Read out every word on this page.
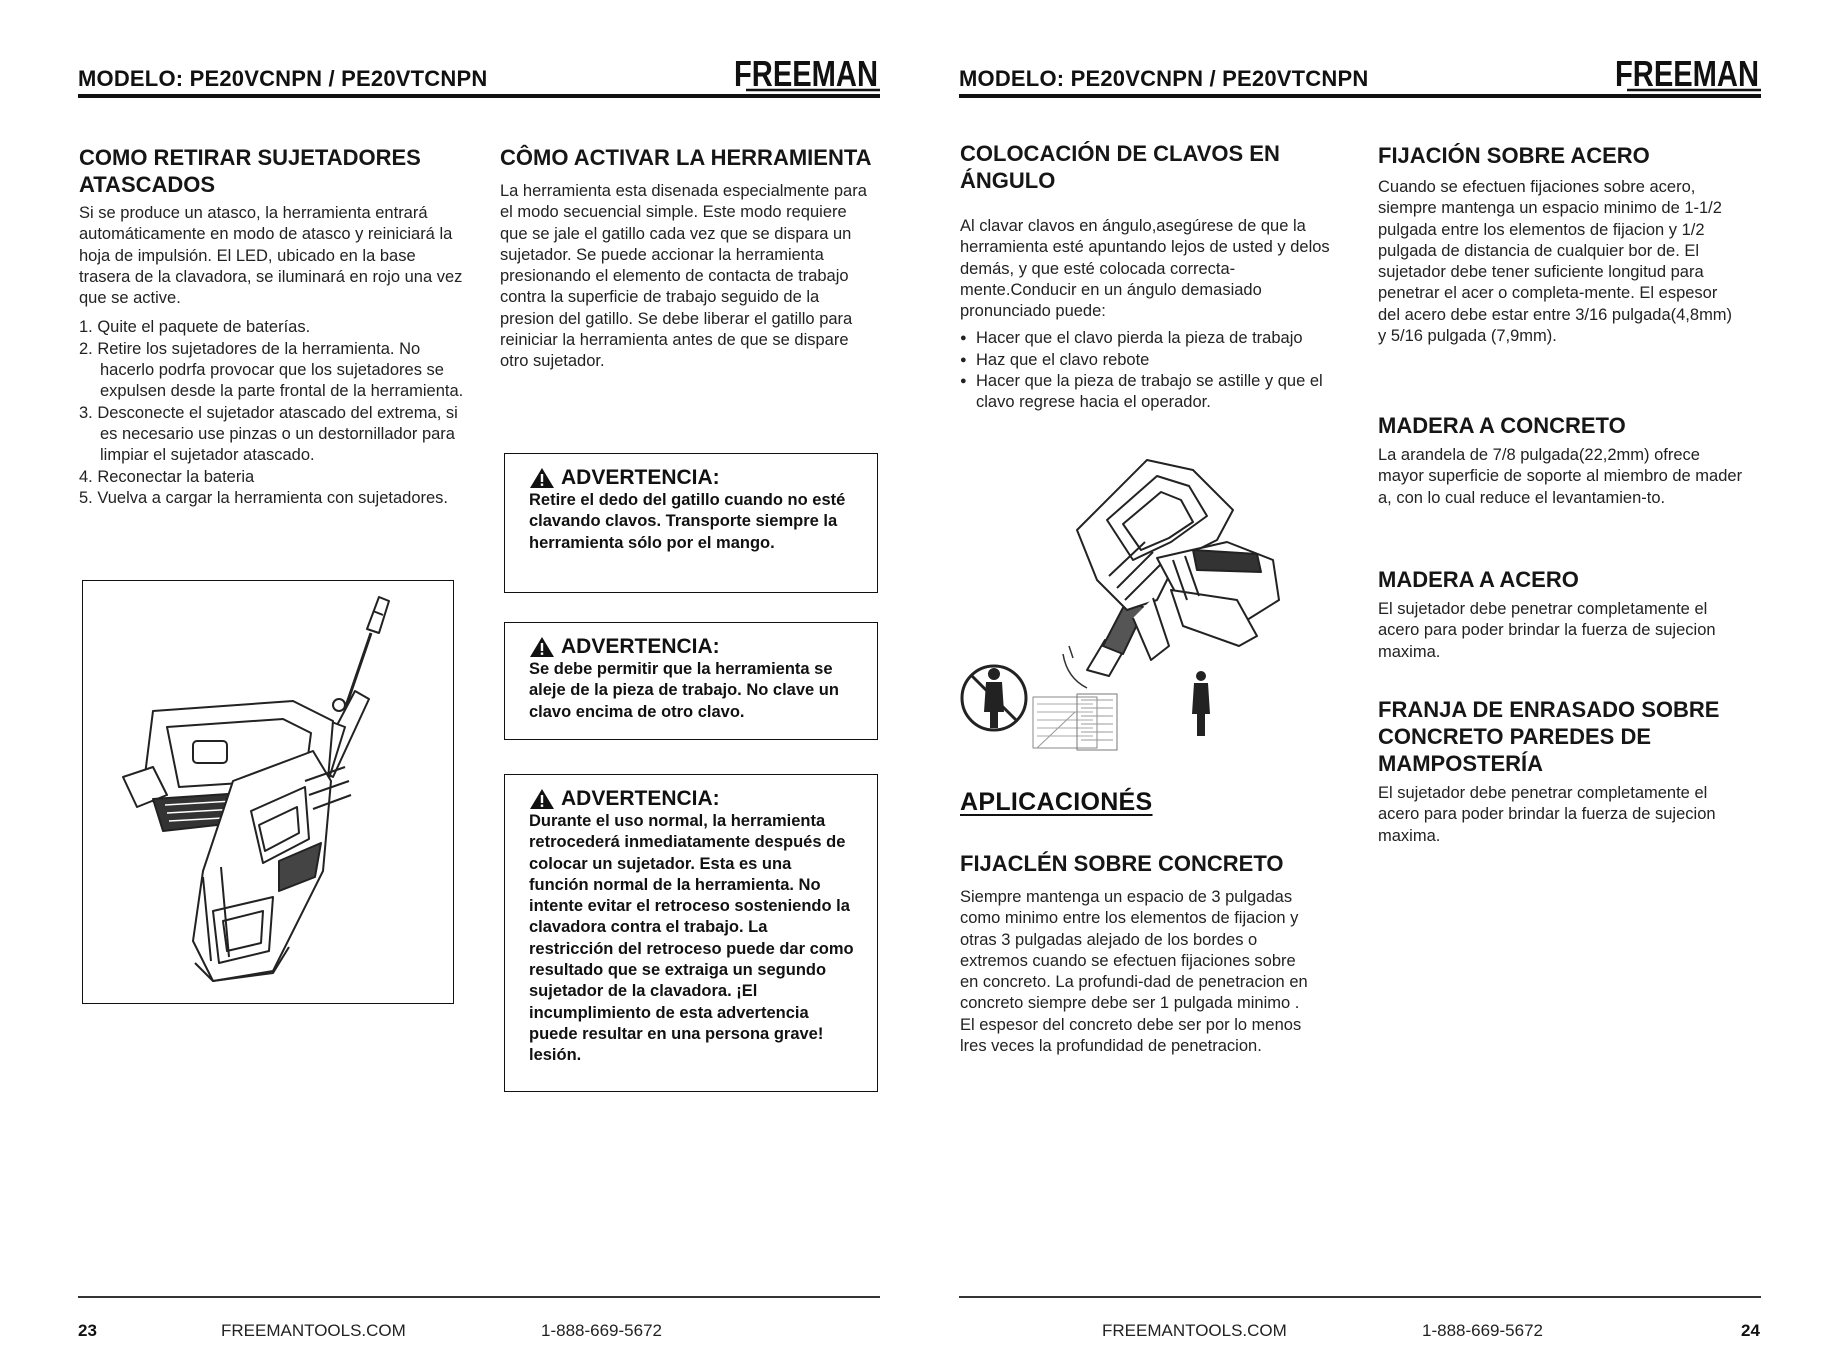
MODELO: PE20VCNPN / PE20VTCNPN	FREEMAN
COMO RETIRAR SUJETADORES ATASCADOS

Si se produce un atasco, la herramienta entrará automáticamente en modo de atasco y reiniciará la hoja de impulsión. El LED, ubicado en la base trasera de la clavadora, se iluminará en rojo una vez que se active.

1. Quite el paquete de baterías.
2. Retire los sujetadores de la herramienta. No hacerlo podrfa provocar que los sujetadores se expulsen desde la parte frontal de la herramienta.
3. Desconecte el sujetador atascado del extrema, si es necesario use pinzas o un destornillador para limpiar el sujetador atascado.
4. Reconectar la bateria
5. Vuelva a cargar la herramienta con sujetadores.
CÔMO ACTIVAR LA HERRAMIENTA

La herramienta esta disenada especialmente para el modo secuencial simple. Este modo requiere que se jale el gatillo cada vez que se dispara un sujetador. Se puede accionar la herramienta presionando el elemento de contacta de trabajo contra la superficie de trabajo seguido de la presion del gatillo. Se debe liberar el gatillo para reiniciar la herramienta antes de que se dispare otro sujetador.

ADVERTENCIA:
Retire el dedo del gatillo cuando no esté clavando clavos. Transporte siempre la herramienta sólo por el mango.
ADVERTENCIA:
Se debe permitir que la herramienta se aleje de la pieza de trabajo. No clave un clavo encima de otro clavo.
ADVERTENCIA:
Durante el uso normal, la herramienta retrocederá inmediatamente después de colocar un sujetador. Esta es una función normal de la herramienta. No intente evitar el retroceso sosteniendo la clavadora contra el trabajo. La restricción del retroceso puede dar como resultado que se extraiga un segundo sujetador de la clavadora. ¡El incumplimiento de esta advertencia puede resultar en una persona grave! lesión.
23	FREEMANTOOLS.COM	1-888-669-5672
MODELO: PE20VCNPN / PE20VTCNPN	FREEMAN
COLOCACIÓN DE CLAVOS EN ÁNGULO

Al clavar clavos en ángulo,asegúrese de que la herramienta esté apuntando lejos de usted y delos demás, y que esté colocada correcta-mente.Conducir en un ángulo demasiado pronunciado puede:

● Hacer que el clavo pierda la pieza de trabajo
● Haz que el clavo rebote
● Hacer que la pieza de trabajo se astille y que el clavo regrese hacia el operador.
APLICACIONÉS
FIJACLÉN SOBRE CONCRETO

Siempre mantenga un espacio de 3 pulgadas como minimo entre los elementos de fijacion y otras 3 pulgadas alejado de los bordes o extremos cuando se efectuen fijaciones sobre en concreto. La profundi-dad de penetracion en concreto siempre debe ser 1 pulgada minimo . El espesor del concreto debe ser por lo menos lres veces la profundidad de penetracion.

FIJACIÓN SOBRE ACERO

Cuando se efectuen fijaciones sobre acero, siempre mantenga un espacio minimo de 1-1/2 pulgada entre los elementos de fijacion y 1/2 pulgada de distancia de cualquier bor de. El sujetador debe tener suficiente longitud para penetrar el acer o completa-mente. El espesor del acero debe estar entre 3/16 pulgada(4,8mm) y 5/16 pulgada (7,9mm).

MADERA A CONCRETO

La arandela de 7/8 pulgada(22,2mm) ofrece mayor superficie de soporte al miembro de mader a, con lo cual reduce el levantamien-to.

MADERA A ACERO

El sujetador debe penetrar completamente el acero para poder brindar la fuerza de sujecion maxima.

FRANJA DE ENRASADO SOBRE CONCRETO PAREDES DE MAMPOSTERÍA

El sujetador debe penetrar completamente el acero para poder brindar la fuerza de sujecion maxima.

FREEMANTOOLS.COM	1-888-669-5672	24
